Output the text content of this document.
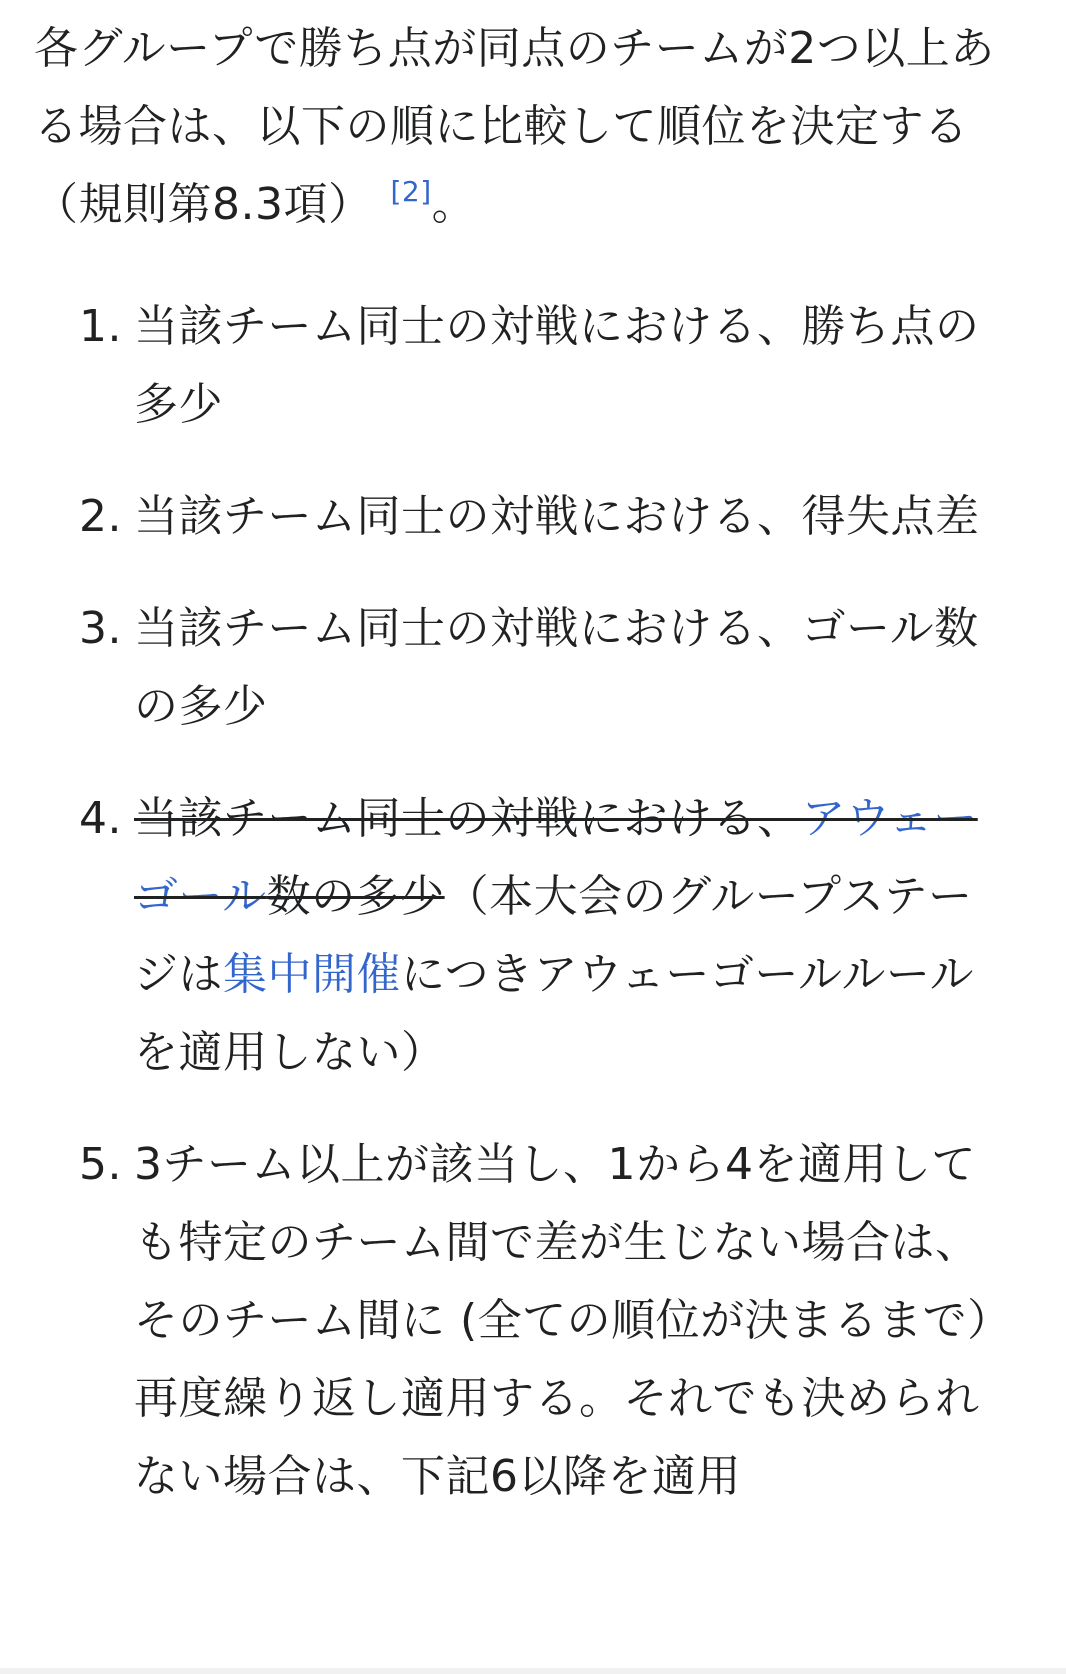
各グループで勝ち点が同点のチームが2つ以上ある場合は、以下の順に比較して順位を決定する（規則第8.3項） [2]。

1. 当該チーム同士の対戦における、勝ち点の多少
2. 当該チーム同士の対戦における、得失点差
3. 当該チーム同士の対戦における、ゴール数の多少
4. 当該チーム同士の対戦における、アウェーゴール数の多少（本大会のグループステージは集中開催につきアウェーゴールルールを適用しない）
5. 3チーム以上が該当し、1から4を適用しても特定のチーム間で差が生じない場合は、そのチーム間に (全ての順位が決まるまで）再度繰り返し適用する。それでも決められない場合は、下記6以降を適用
